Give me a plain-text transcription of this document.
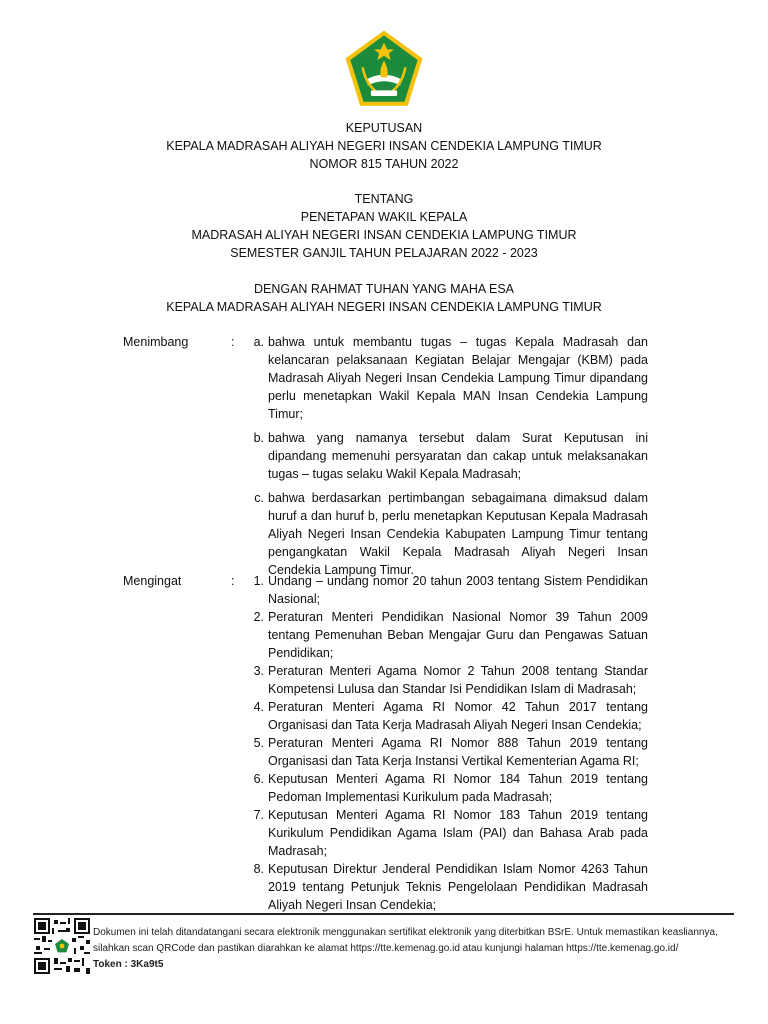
KEPUTUSAN
KEPALA MADRASAH ALIYAH NEGERI INSAN CENDEKIA LAMPUNG TIMUR
NOMOR 815 TAHUN 2022
TENTANG
PENETAPAN WAKIL KEPALA
MADRASAH ALIYAH NEGERI INSAN CENDEKIA LAMPUNG TIMUR
SEMESTER GANJIL TAHUN PELAJARAN 2022 - 2023
DENGAN RAHMAT TUHAN YANG MAHA ESA
KEPALA MADRASAH ALIYAH NEGERI INSAN CENDEKIA LAMPUNG TIMUR
Menimbang	:	a. bahwa untuk membantu tugas – tugas Kepala Madrasah dan kelancaran pelaksanaan Kegiatan Belajar Mengajar (KBM) pada Madrasah Aliyah Negeri Insan Cendekia Lampung Timur dipandang perlu menetapkan Wakil Kepala MAN Insan Cendekia Lampung Timur;
b. bahwa yang namanya tersebut dalam Surat Keputusan ini dipandang memenuhi persyaratan dan cakap untuk melaksanakan tugas – tugas selaku Wakil Kepala Madrasah;
c. bahwa berdasarkan pertimbangan sebagaimana dimaksud dalam huruf a dan huruf b, perlu menetapkan Keputusan Kepala Madrasah Aliyah Negeri Insan Cendekia Kabupaten Lampung Timur tentang pengangkatan Wakil Kepala Madrasah Aliyah Negeri Insan Cendekia Lampung Timur.
Mengingat	:	1. Undang – undang nomor 20 tahun 2003 tentang Sistem Pendidikan Nasional;
2. Peraturan Menteri Pendidikan Nasional Nomor 39 Tahun 2009 tentang Pemenuhan Beban Mengajar Guru dan Pengawas Satuan Pendidikan;
3. Peraturan Menteri Agama Nomor 2 Tahun 2008 tentang Standar Kompetensi Lulusa dan Standar Isi Pendidikan Islam di Madrasah;
4. Peraturan Menteri Agama RI Nomor 42 Tahun 2017 tentang Organisasi dan Tata Kerja Madrasah Aliyah Negeri Insan Cendekia;
5. Peraturan Menteri Agama RI Nomor 888 Tahun 2019 tentang Organisasi dan Tata Kerja Instansi Vertikal Kementerian Agama RI;
6. Keputusan Menteri Agama RI Nomor 184 Tahun 2019 tentang Pedoman Implementasi Kurikulum pada Madrasah;
7. Keputusan Menteri Agama RI Nomor 183 Tahun 2019 tentang Kurikulum Pendidikan Agama Islam (PAI) dan Bahasa Arab pada Madrasah;
8. Keputusan Direktur Jenderal Pendidikan Islam Nomor 4263 Tahun 2019 tentang Petunjuk Teknis Pengelolaan Pendidikan Madrasah Aliyah Negeri Insan Cendekia;
Dokumen ini telah ditandatangani secara elektronik menggunakan sertifikat elektronik yang diterbitkan BSrE. Untuk memastikan keasliannya,
silahkan scan QRCode dan pastikan diarahkan ke alamat https://tte.kemenag.go.id atau kunjungi halaman https://tte.kemenag.go.id/
Token : 3Ka9t5
